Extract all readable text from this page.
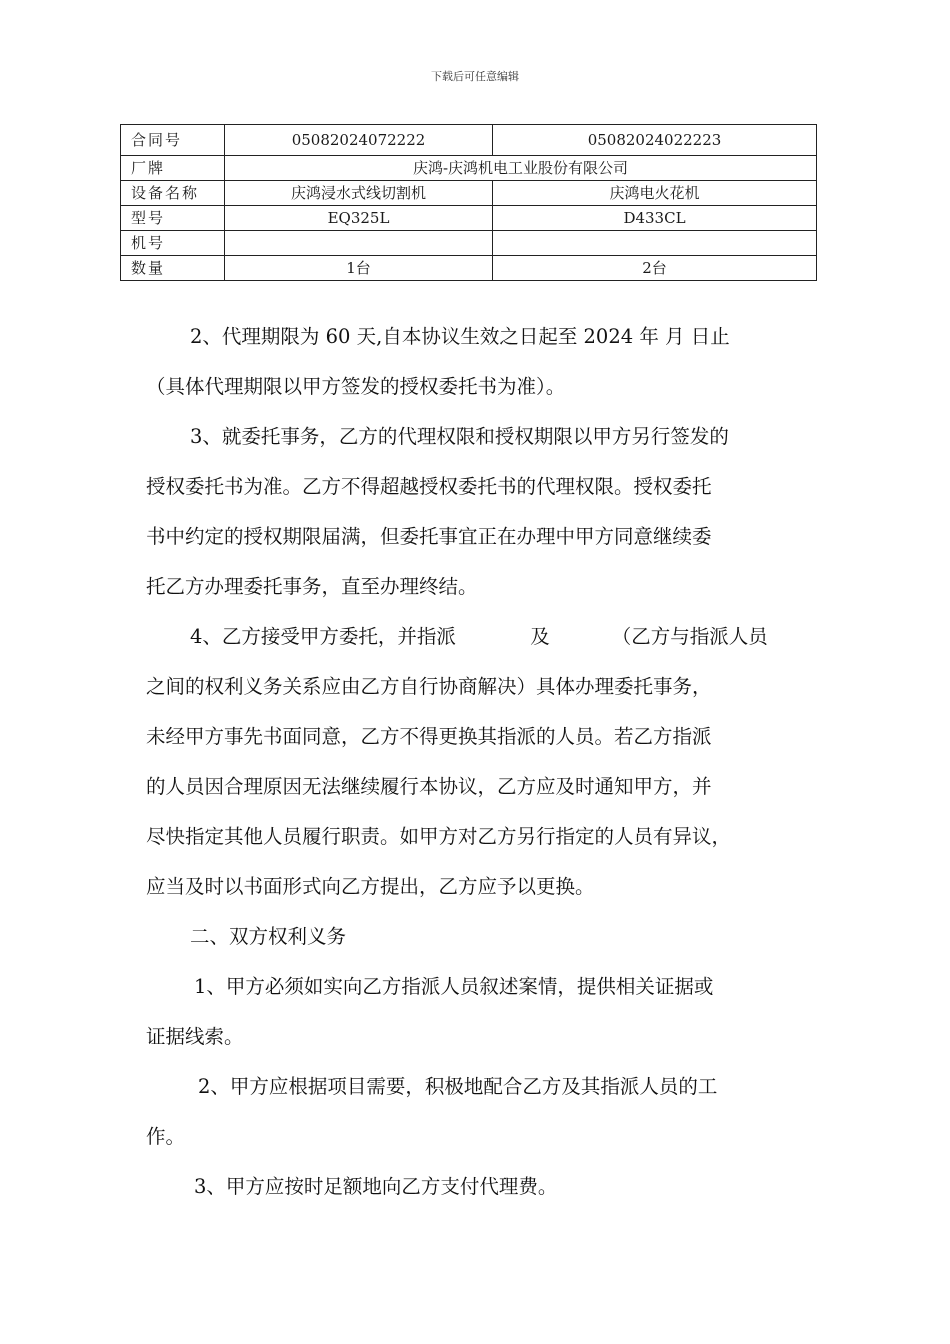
下载后可任意编辑
合同号	05082024072222	05082024022223
厂牌	庆鸿-庆鸿机电工业股份有限公司	
设备名称	庆鸿浸水式线切割机	庆鸿电火花机
型号	EQ325L	D433CL
机号		
数量	1台	2台

2、代理期限为 60 天,自本协议生效之日起至 2024 年 月 日止

（具体代理期限以甲方签发的授权委托书为准）。

3、就委托事务，乙方的代理权限和授权期限以甲方另行签发的

授权委托书为准。乙方不得超越授权委托书的代理权限。授权委托

书中约定的授权期限届满，但委托事宜正在办理中甲方同意继续委

托乙方办理委托事务，直至办理终结。

4、乙方接受甲方委托，并指派            及          （乙方与指派人员

之间的权利义务关系应由乙方自行协商解决）具体办理委托事务，

未经甲方事先书面同意，乙方不得更换其指派的人员。若乙方指派

的人员因合理原因无法继续履行本协议，乙方应及时通知甲方，并

尽快指定其他人员履行职责。如甲方对乙方另行指定的人员有异议，

应当及时以书面形式向乙方提出，乙方应予以更换。

二、双方权利义务

1、甲方必须如实向乙方指派人员叙述案情，提供相关证据或

证据线索。

2、甲方应根据项目需要，积极地配合乙方及其指派人员的工

作。

3、甲方应按时足额地向乙方支付代理费。
